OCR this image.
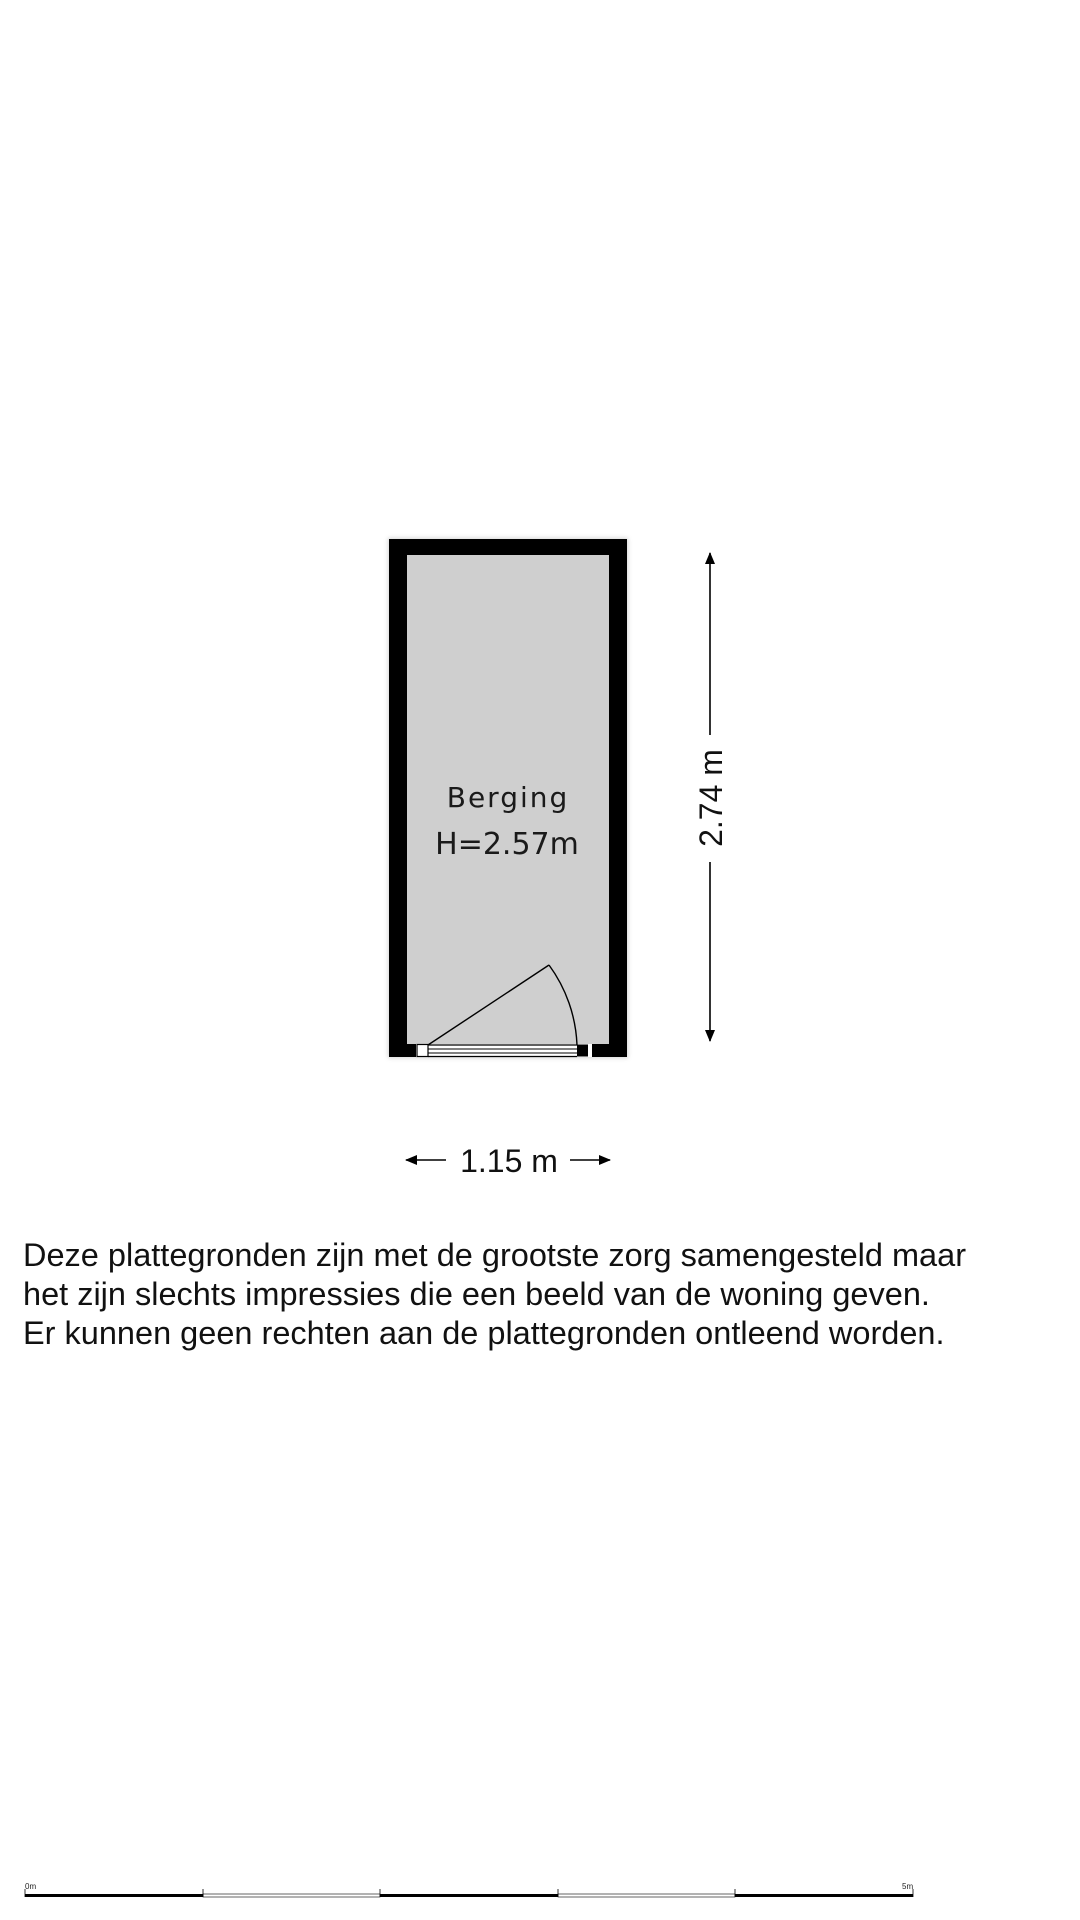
Berging
H=2.57m	2.74 m
1.15 m
0m	5m

Deze plattegronden zijn met de grootste zorg samengesteld maar
het zijn slechts impressies die een beeld van de woning geven.
Er kunnen geen rechten aan de plattegronden ontleend worden.
